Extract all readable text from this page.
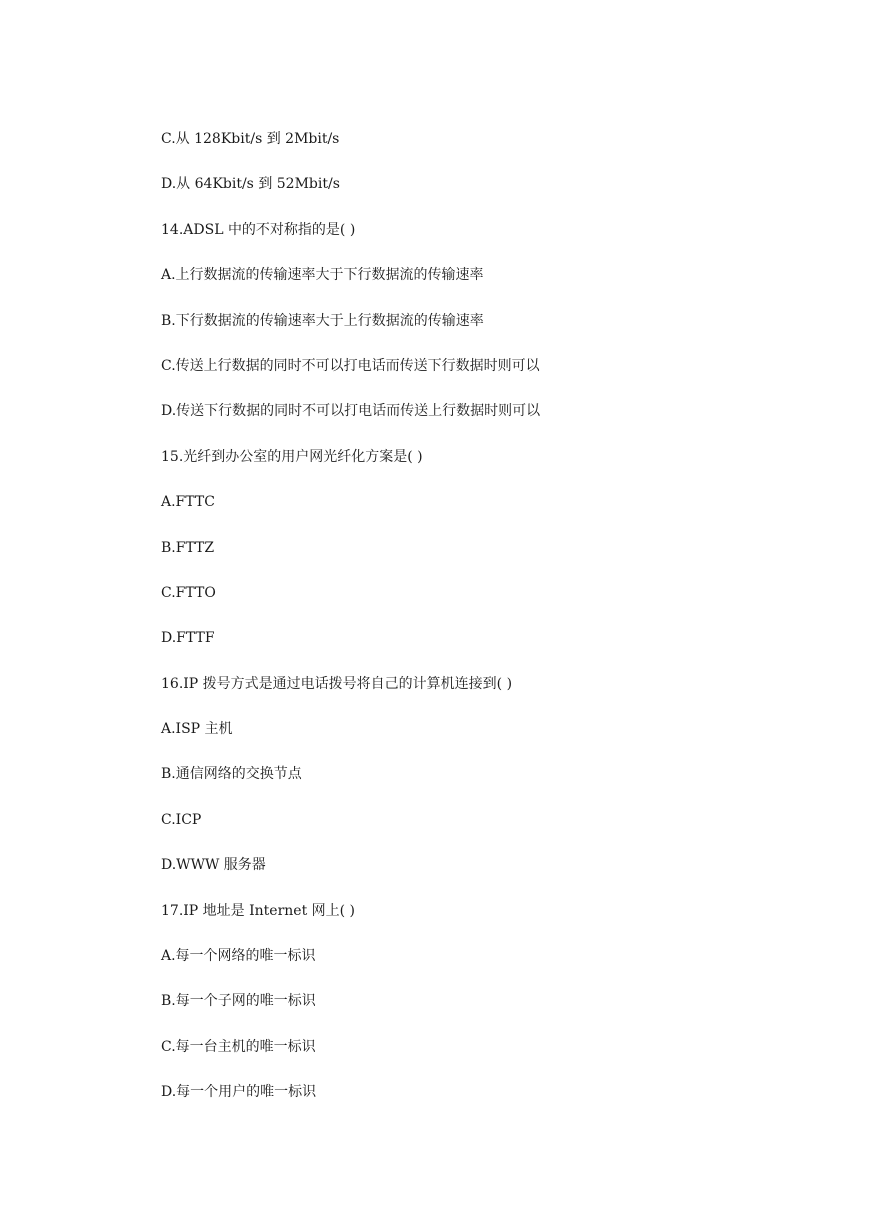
C.从 128Kbit/s 到 2Mbit/s
D.从 64Kbit/s 到 52Mbit/s
14.ADSL 中的不对称指的是( )
A.上行数据流的传输速率大于下行数据流的传输速率
B.下行数据流的传输速率大于上行数据流的传输速率
C.传送上行数据的同时不可以打电话而传送下行数据时则可以
D.传送下行数据的同时不可以打电话而传送上行数据时则可以
15.光纤到办公室的用户网光纤化方案是( )
A.FTTC
B.FTTZ
C.FTTO
D.FTTF
16.IP 拨号方式是通过电话拨号将自己的计算机连接到( )
A.ISP 主机
B.通信网络的交换节点
C.ICP
D.WWW 服务器
17.IP 地址是 Internet 网上( )
A.每一个网络的唯一标识
B.每一个子网的唯一标识
C.每一台主机的唯一标识
D.每一个用户的唯一标识
